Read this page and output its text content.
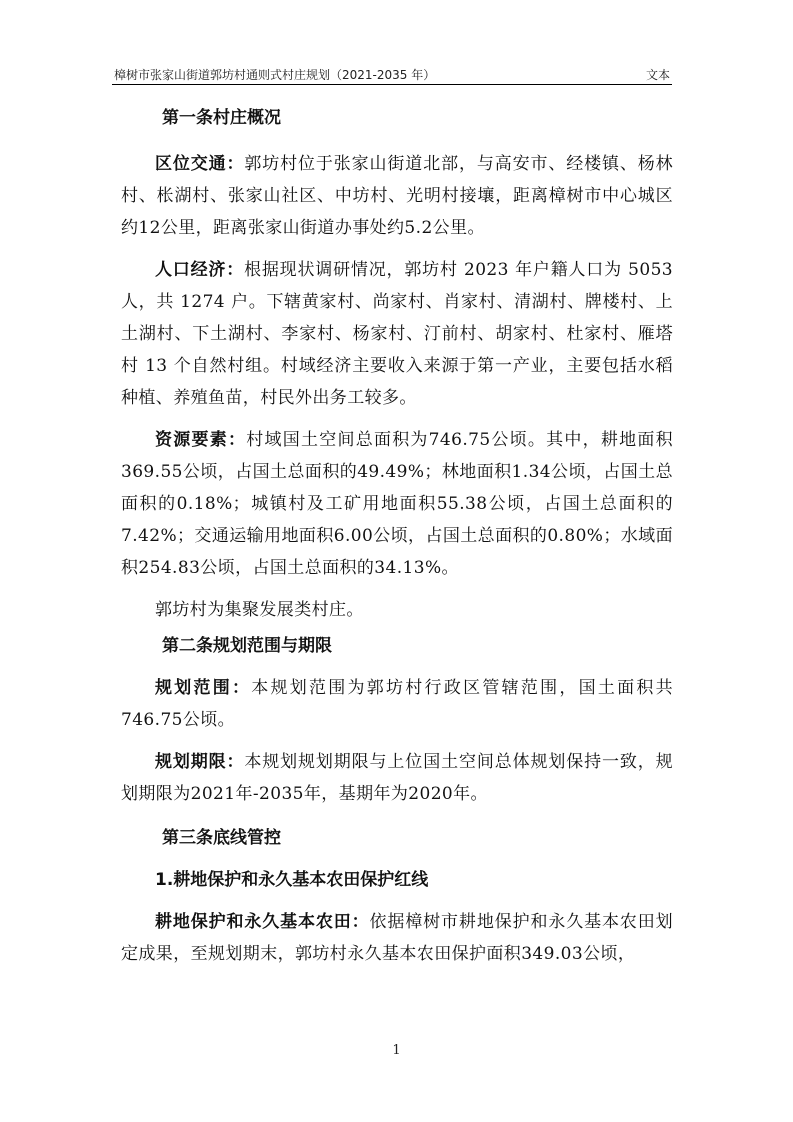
樟树市张家山街道郭坊村通则式村庄规划（2021-2035 年）	文本
第一条村庄概况

区位交通：郭坊村位于张家山街道北部，与高安市、经楼镇、杨林村、枨湖村、张家山社区、中坊村、光明村接壤，距离樟树市中心城区约12公里，距离张家山街道办事处约5.2公里。

人口经济：根据现状调研情况，郭坊村 2023 年户籍人口为 5053 人，共 1274 户。下辖黄家村、尚家村、肖家村、清湖村、牌楼村、上土湖村、下土湖村、李家村、杨家村、汀前村、胡家村、杜家村、雁塔村 13 个自然村组。村域经济主要收入来源于第一产业，主要包括水稻种植、养殖鱼苗，村民外出务工较多。

资源要素：村域国土空间总面积为746.75公顷。其中，耕地面积369.55公顷，占国土总面积的49.49%；林地面积1.34公顷，占国土总面积的0.18%；城镇村及工矿用地面积55.38公顷，占国土总面积的7.42%；交通运输用地面积6.00公顷，占国土总面积的0.80%；水域面积254.83公顷，占国土总面积的34.13%。

郭坊村为集聚发展类村庄。

第二条规划范围与期限

规划范围：本规划范围为郭坊村行政区管辖范围，国土面积共746.75公顷。

规划期限：本规划规划期限与上位国土空间总体规划保持一致，规划期限为2021年-2035年，基期年为2020年。

第三条底线管控
1.耕地保护和永久基本农田保护红线

耕地保护和永久基本农田：依据樟树市耕地保护和永久基本农田划定成果，至规划期末，郭坊村永久基本农田保护面积349.03公顷，

1
